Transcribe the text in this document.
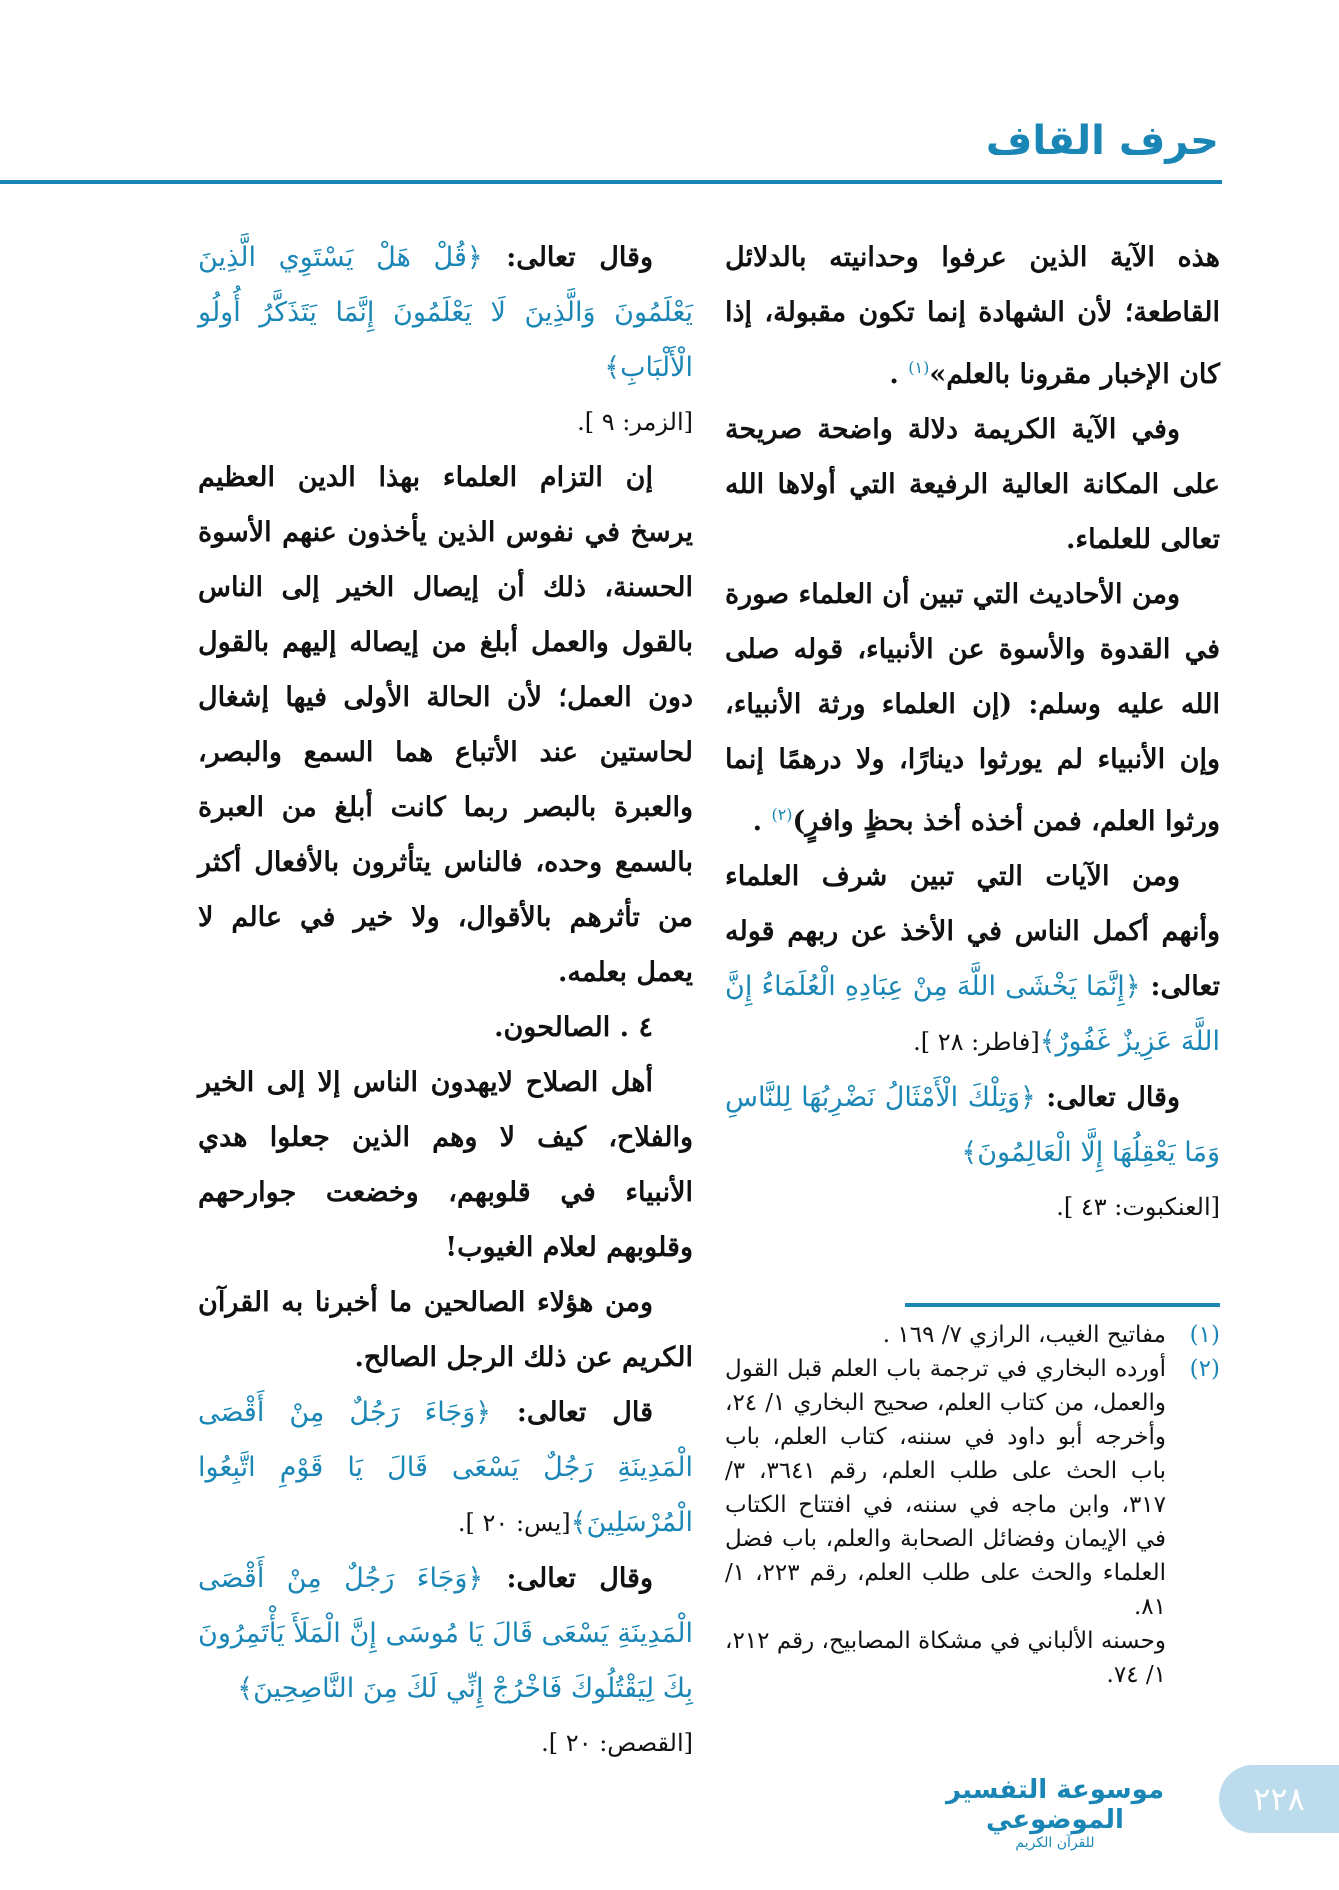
حرف القاف

هذه الآية الذين عرفوا وحدانيته بالدلائل القاطعة؛ لأن الشهادة إنما تكون مقبولة، إذا كان الإخبار مقرونا بالعلم»$^{(١)}$ .

وفي الآية الكريمة دلالة واضحة صريحة على المكانة العالية الرفيعة التي أولاها الله تعالى للعلماء.

ومن الأحاديث التي تبين أن العلماء صورة في القدوة والأسوة عن الأنبياء، قوله صلى الله عليه وسلم: (إن العلماء ورثة الأنبياء، وإن الأنبياء لم يورثوا دينارًا، ولا درهمًا إنما ورثوا العلم، فمن أخذه أخذ بحظٍ وافرٍ)$^{(٢)}$ .

ومن الآيات التي تبين شرف العلماء وأنهم أكمل الناس في الأخذ عن ربهم قوله تعالى: ﴿إِنَّمَا يَخْشَى اللَّهَ مِنْ عِبَادِهِ الْعُلَمَاءُ إِنَّ اللَّهَ عَزِيزٌ غَفُورٌ﴾[فاطر: ٢٨ ].

وقال تعالى: ﴿وَتِلْكَ الْأَمْثَالُ نَضْرِبُهَا لِلنَّاسِ وَمَا يَعْقِلُهَا إِلَّا الْعَالِمُونَ﴾

[العنكبوت: ٤٣ ].

وقال تعالى: ﴿قُلْ هَلْ يَسْتَوِي الَّذِينَ يَعْلَمُونَ وَالَّذِينَ لَا يَعْلَمُونَ إِنَّمَا يَتَذَكَّرُ أُولُو الْأَلْبَابِ﴾

[الزمر: ٩ ].

إن التزام العلماء بهذا الدين العظيم يرسخ في نفوس الذين يأخذون عنهم الأسوة الحسنة، ذلك أن إيصال الخير إلى الناس بالقول والعمل أبلغ من إيصاله إليهم بالقول دون العمل؛ لأن الحالة الأولى فيها إشغال لحاستين عند الأتباع هما السمع والبصر، والعبرة بالبصر ربما كانت أبلغ من العبرة بالسمع وحده، فالناس يتأثرون بالأفعال أكثر من تأثرهم بالأقوال، ولا خير في عالم لا يعمل بعلمه.

٤ . الصالحون.

أهل الصلاح لايهدون الناس إلا إلى الخير والفلاح، كيف لا وهم الذين جعلوا هدي الأنبياء في قلوبهم، وخضعت جوارحهم وقلوبهم لعلام الغيوب!

ومن هؤلاء الصالحين ما أخبرنا به القرآن الكريم عن ذلك الرجل الصالح.

قال تعالى: ﴿وَجَاءَ رَجُلٌ مِنْ أَقْصَى الْمَدِينَةِ رَجُلٌ يَسْعَى قَالَ يَا قَوْمِ اتَّبِعُوا الْمُرْسَلِينَ﴾[يس: ٢٠ ].

وقال تعالى: ﴿وَجَاءَ رَجُلٌ مِنْ أَقْصَى الْمَدِينَةِ يَسْعَى قَالَ يَا مُوسَى إِنَّ الْمَلَأَ يَأْتَمِرُونَ بِكَ لِيَقْتُلُوكَ فَاخْرُجْ إِنِّي لَكَ مِنَ النَّاصِحِينَ﴾

[القصص: ٢٠ ].

(١)
مفاتيح الغيب، الرازي ٧/ ١٦٩ .
(٢)
أورده البخاري في ترجمة باب العلم قبل القول والعمل، من كتاب العلم، صحيح البخاري ١/ ٢٤، وأخرجه أبو داود في سننه، كتاب العلم، باب باب الحث على طلب العلم، رقم ٣٦٤١، ٣/ ٣١٧، وابن ماجه في سننه، في افتتاح الكتاب في الإيمان وفضائل الصحابة والعلم، باب فضل العلماء والحث على طلب العلم، رقم ٢٢٣، ١/ ٨١.
وحسنه الألباني في مشكاة المصابيح، رقم ٢١٢، ١/ ٧٤.
موسوعة التفسير الموضوعي
للقرآن الكريم
٢٢٨
